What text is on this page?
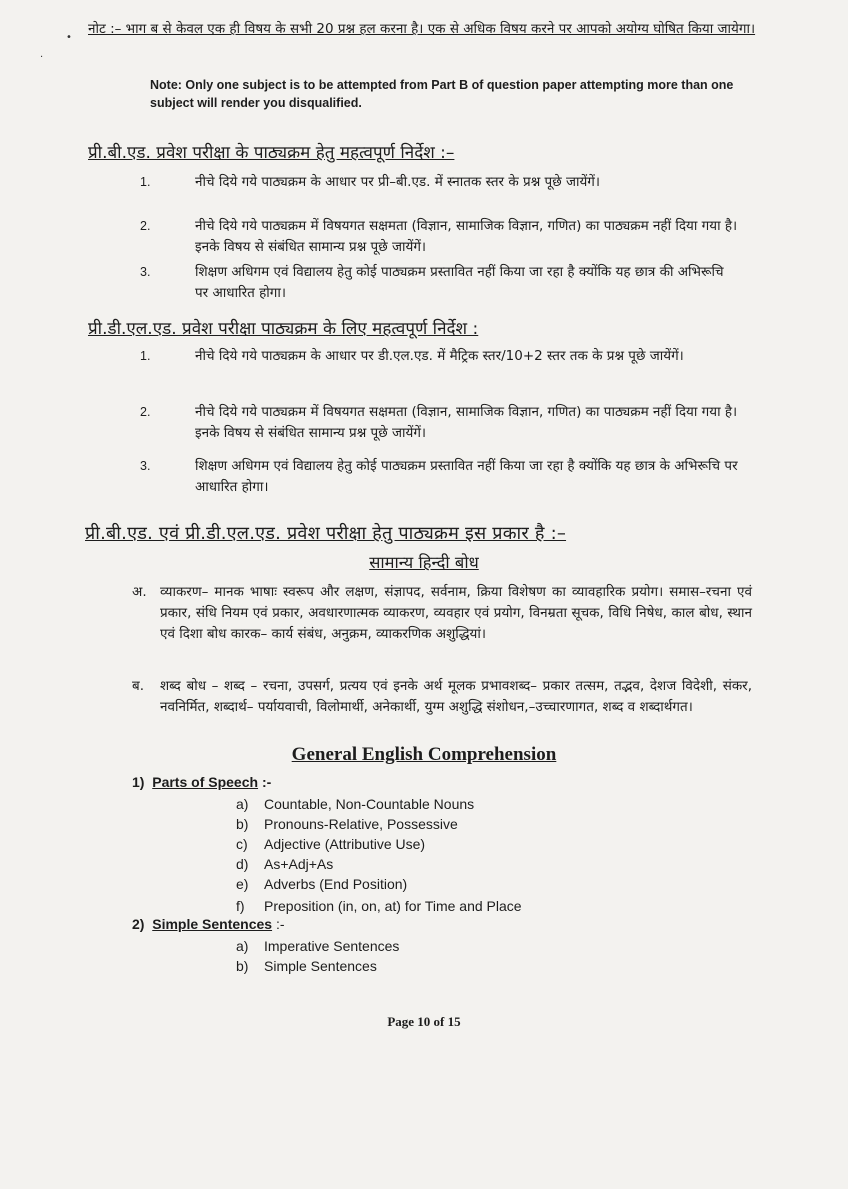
•
·
नोट :– भाग ब से केवल एक ही विषय के सभी 20 प्रश्न हल करना है। एक से अधिक विषय करने पर आपको अयोग्य घोषित किया जायेगा।
Note: Only one subject is to be attempted from Part B of question paper attempting more than one subject will render you disqualified.
प्री.बी.एड. प्रवेश परीक्षा के पाठ्यक्रम हेतु महत्वपूर्ण निर्देश :–
1.	नीचे दिये गये पाठ्यक्रम के आधार पर प्री–बी.एड. में स्नातक स्तर के प्रश्न पूछे जायेंगें।
2.	नीचे दिये गये पाठ्यक्रम में विषयगत सक्षमता (विज्ञान, सामाजिक विज्ञान, गणित) का पाठ्यक्रम नहीं दिया गया है। इनके विषय से संबंधित सामान्य प्रश्न पूछे जायेंगें।
3.	शिक्षण अधिगम एवं विद्यालय हेतु कोई पाठ्यक्रम प्रस्तावित नहीं किया जा रहा है क्योंकि यह छात्र की अभिरूचि पर आधारित होगा।
प्री.डी.एल.एड. प्रवेश परीक्षा पाठ्यक्रम के लिए महत्वपूर्ण निर्देश :
1.	नीचे दिये गये पाठ्यक्रम के आधार पर डी.एल.एड. में मैट्रिक स्तर/10+2 स्तर तक के प्रश्न पूछे जायेंगें।
2.	नीचे दिये गये पाठ्यक्रम में विषयगत सक्षमता (विज्ञान, सामाजिक विज्ञान, गणित) का पाठ्यक्रम नहीं दिया गया है। इनके विषय से संबंधित सामान्य प्रश्न पूछे जायेंगें।
3.	शिक्षण अधिगम एवं विद्यालय हेतु कोई पाठ्यक्रम प्रस्तावित नहीं किया जा रहा है क्योंकि यह छात्र के अभिरूचि पर आधारित होगा।
प्री.बी.एड. एवं प्री.डी.एल.एड. प्रवेश परीक्षा हेतु पाठ्यक्रम इस प्रकार है :–
सामान्य हिन्दी बोध
अ. व्याकरण– मानक भाषाः स्वरूप और लक्षण, संज्ञापद, सर्वनाम, क्रिया विशेषण का व्यावहारिक प्रयोग। समास–रचना एवं प्रकार, संधि नियम एवं प्रकार, अवधारणात्मक व्याकरण, व्यवहार एवं प्रयोग, विनम्रता सूचक, विधि निषेध, काल बोध, स्थान एवं दिशा बोध कारक– कार्य संबंध, अनुक्रम, व्याकरणिक अशुद्धियां।
ब. शब्द बोध – शब्द – रचना, उपसर्ग, प्रत्यय एवं इनके अर्थ मूलक प्रभावशब्द– प्रकार तत्सम, तद्भव, देशज विदेशी, संकर, नवनिर्मित, शब्दार्थ– पर्यायवाची, विलोमार्थी, अनेकार्थी, युग्म अशुद्धि संशोधन,–उच्चारणागत, शब्द व शब्दार्थगत।
General English Comprehension
1) Parts of Speech :-
a) Countable, Non-Countable Nouns
b) Pronouns-Relative, Possessive
c) Adjective (Attributive Use)
d) As+Adj+As
e) Adverbs (End Position)
f) Preposition (in, on, at) for Time and Place
2) Simple Sentences :-
a) Imperative Sentences
b) Simple Sentences
Page 10 of 15
